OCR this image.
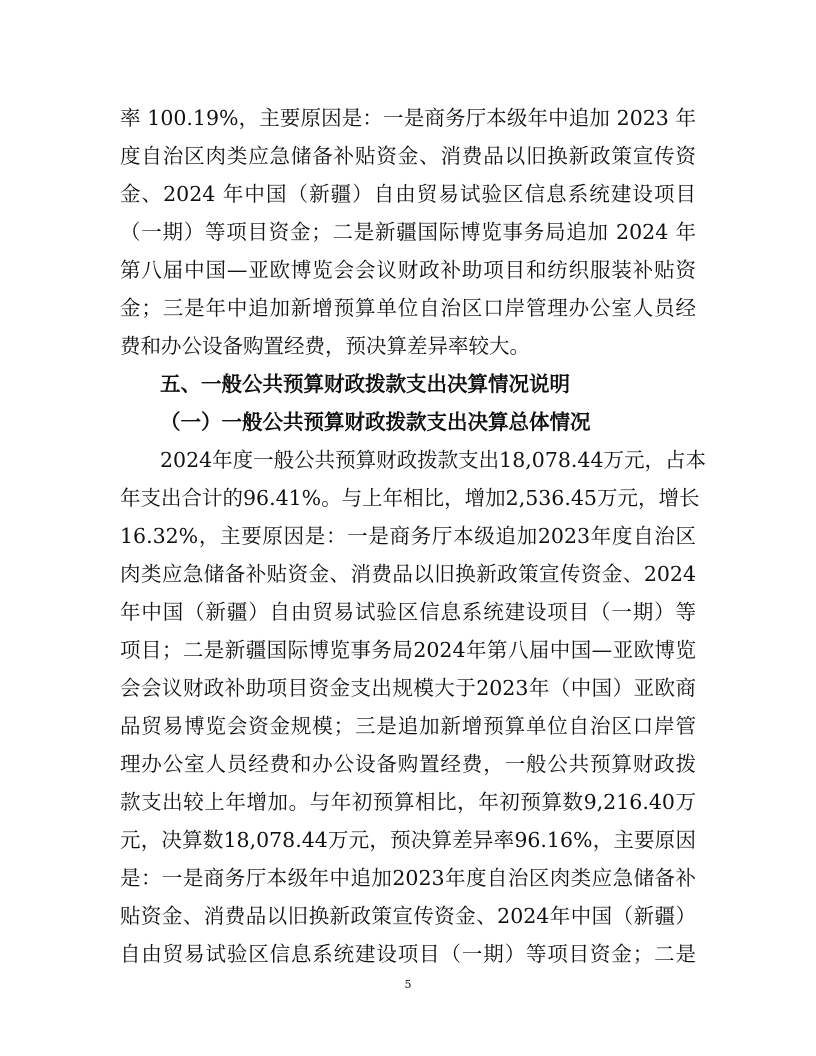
率 100.19%，主要原因是：一是商务厅本级年中追加 2023 年
度自治区肉类应急储备补贴资金、消费品以旧换新政策宣传资
金、2024 年中国（新疆）自由贸易试验区信息系统建设项目
（一期）等项目资金；二是新疆国际博览事务局追加 2024 年
第八届中国—亚欧博览会会议财政补助项目和纺织服装补贴资
金；三是年中追加新增预算单位自治区口岸管理办公室人员经
费和办公设备购置经费，预决算差异率较大。
五、一般公共预算财政拨款支出决算情况说明
（一）一般公共预算财政拨款支出决算总体情况
2024年度一般公共预算财政拨款支出18,078.44万元，占本
年支出合计的96.41%。与上年相比，增加2,536.45万元，增长
16.32%，主要原因是：一是商务厅本级追加2023年度自治区
肉类应急储备补贴资金、消费品以旧换新政策宣传资金、2024
年中国（新疆）自由贸易试验区信息系统建设项目（一期）等
项目；二是新疆国际博览事务局2024年第八届中国—亚欧博览
会会议财政补助项目资金支出规模大于2023年（中国）亚欧商
品贸易博览会资金规模；三是追加新增预算单位自治区口岸管
理办公室人员经费和办公设备购置经费，一般公共预算财政拨
款支出较上年增加。与年初预算相比，年初预算数9,216.40万
元，决算数18,078.44万元，预决算差异率96.16%，主要原因
是：一是商务厅本级年中追加2023年度自治区肉类应急储备补
贴资金、消费品以旧换新政策宣传资金、2024年中国（新疆）
自由贸易试验区信息系统建设项目（一期）等项目资金；二是
5
